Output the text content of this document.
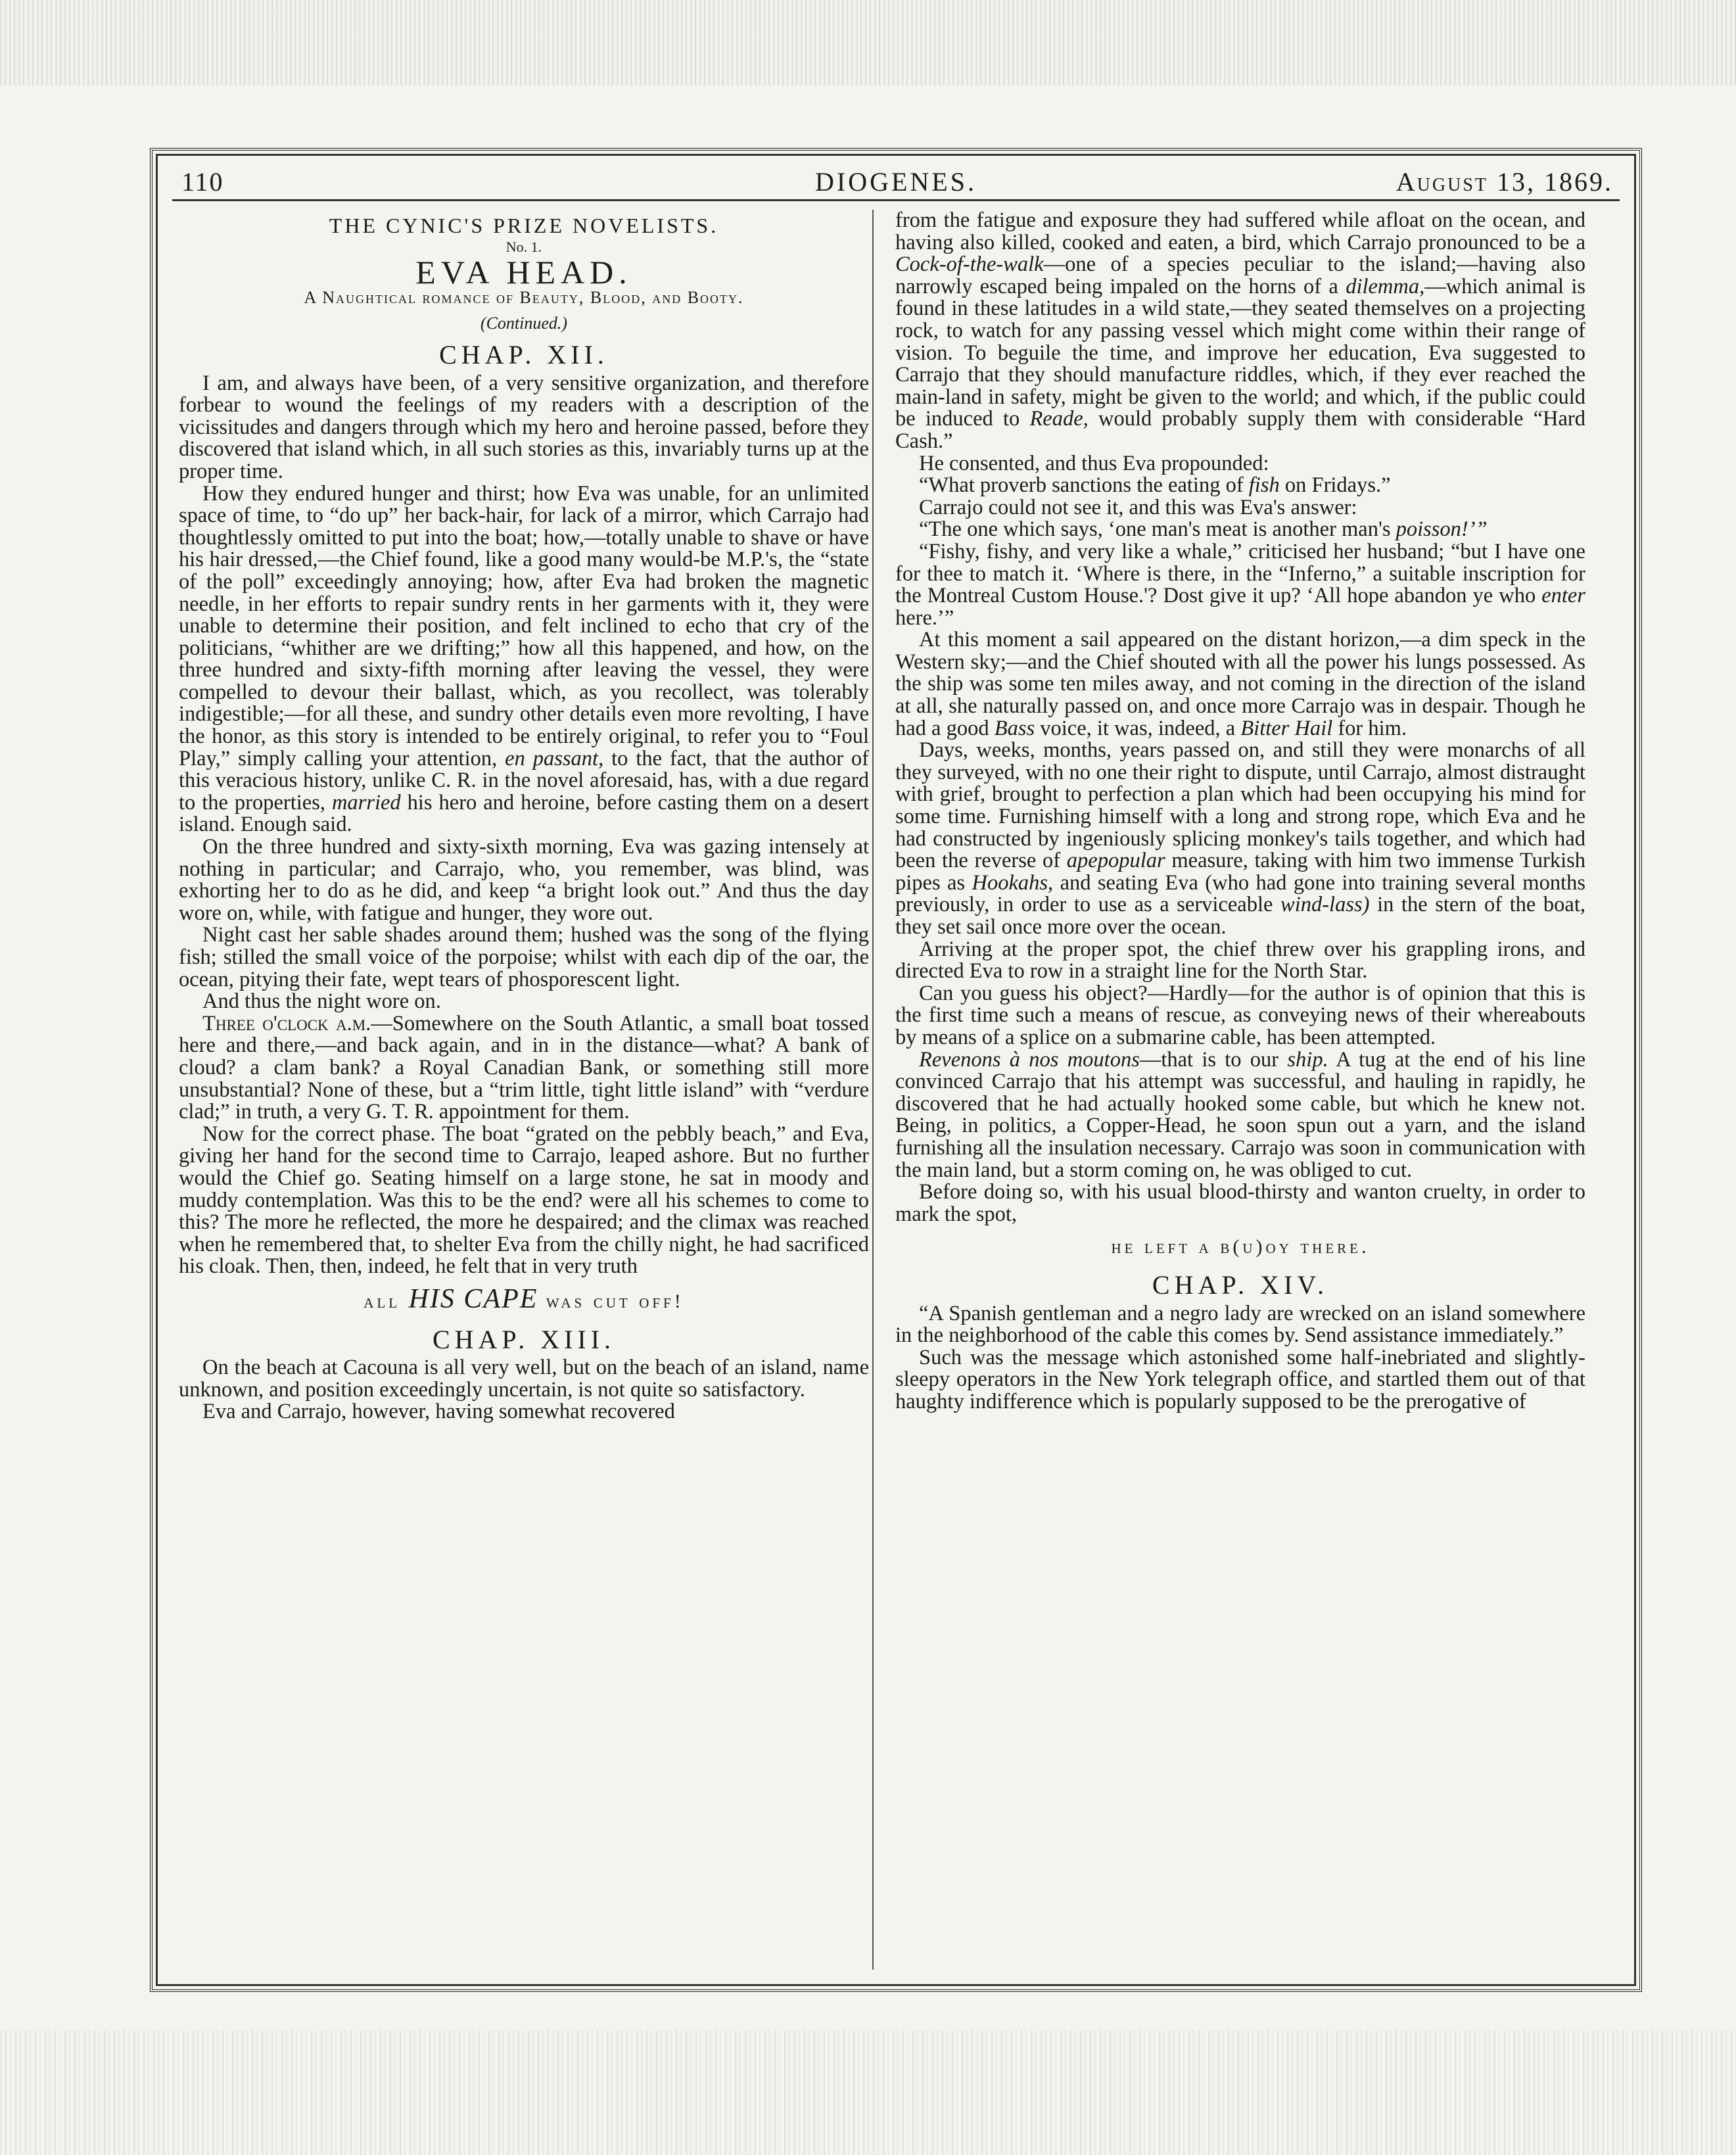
110	DIOGENES.	August 13, 1869.
THE CYNIC'S PRIZE NOVELISTS.
No. 1.
EVA HEAD.
A Naughtical romance of Beauty, Blood, and Booty.
(Continued.)
CHAP. XII.

I am, and always have been, of a very sensitive organization, and therefore forbear to wound the feelings of my readers with a description of the vicissitudes and dangers through which my hero and heroine passed, before they discovered that island which, in all such stories as this, invariably turns up at the proper time.

How they endured hunger and thirst; how Eva was unable, for an unlimited space of time, to “do up” her back-hair, for lack of a mirror, which Carrajo had thoughtlessly omitted to put into the boat; how,—totally unable to shave or have his hair dressed,—the Chief found, like a good many would-be M.P.'s, the “state of the poll” exceedingly annoying; how, after Eva had broken the magnetic needle, in her efforts to repair sundry rents in her garments with it, they were unable to determine their position, and felt inclined to echo that cry of the politicians, “whither are we drifting;” how all this happened, and how, on the three hundred and sixty-fifth morning after leaving the vessel, they were compelled to devour their ballast, which, as you recollect, was tolerably indigestible;—for all these, and sundry other details even more revolting, I have the honor, as this story is intended to be entirely original, to refer you to “Foul Play,” simply calling your attention, en passant, to the fact, that the author of this veracious history, unlike C. R. in the novel aforesaid, has, with a due regard to the properties, married his hero and heroine, before casting them on a desert island. Enough said.

On the three hundred and sixty-sixth morning, Eva was gazing intensely at nothing in particular; and Carrajo, who, you remember, was blind, was exhorting her to do as he did, and keep “a bright look out.” And thus the day wore on, while, with fatigue and hunger, they wore out.

Night cast her sable shades around them; hushed was the song of the flying fish; stilled the small voice of the porpoise; whilst with each dip of the oar, the ocean, pitying their fate, wept tears of phosporescent light.

And thus the night wore on.

Three o'clock a.m.—Somewhere on the South Atlantic, a small boat tossed here and there,—and back again, and in in the distance—what? A bank of cloud? a clam bank? a Royal Canadian Bank, or something still more unsubstantial? None of these, but a “trim little, tight little island” with “verdure clad;” in truth, a very G. T. R. appointment for them.

Now for the correct phase. The boat “grated on the pebbly beach,” and Eva, giving her hand for the second time to Carrajo, leaped ashore. But no further would the Chief go. Seating himself on a large stone, he sat in moody and muddy contemplation. Was this to be the end? were all his schemes to come to this? The more he reflected, the more he despaired; and the climax was reached when he remembered that, to shelter Eva from the chilly night, he had sacrificed his cloak. Then, then, indeed, he felt that in very truth

all HIS CAPE was cut off!
CHAP. XIII.

On the beach at Cacouna is all very well, but on the beach of an island, name unknown, and position exceedingly uncertain, is not quite so satisfactory.

Eva and Carrajo, however, having somewhat recovered

from the fatigue and exposure they had suffered while afloat on the ocean, and having also killed, cooked and eaten, a bird, which Carrajo pronounced to be a Cock-of-the-walk—one of a species peculiar to the island;—having also narrowly escaped being impaled on the horns of a dilemma,—which animal is found in these latitudes in a wild state,—they seated themselves on a projecting rock, to watch for any passing vessel which might come within their range of vision. To beguile the time, and improve her education, Eva suggested to Carrajo that they should manufacture riddles, which, if they ever reached the main-land in safety, might be given to the world; and which, if the public could be induced to Reade, would probably supply them with considerable “Hard Cash.”

He consented, and thus Eva propounded:

“What proverb sanctions the eating of fish on Fridays.”

Carrajo could not see it, and this was Eva's answer:

“The one which says, ‘one man's meat is another man's poisson!’”

“Fishy, fishy, and very like a whale,” criticised her husband; “but I have one for thee to match it. ‘Where is there, in the “Inferno,” a suitable inscription for the Montreal Custom House.'? Dost give it up? ‘All hope abandon ye who enter here.’”

At this moment a sail appeared on the distant horizon,—a dim speck in the Western sky;—and the Chief shouted with all the power his lungs possessed. As the ship was some ten miles away, and not coming in the direction of the island at all, she naturally passed on, and once more Carrajo was in despair. Though he had a good Bass voice, it was, indeed, a Bitter Hail for him.

Days, weeks, months, years passed on, and still they were monarchs of all they surveyed, with no one their right to dispute, until Carrajo, almost distraught with grief, brought to perfection a plan which had been occupying his mind for some time. Furnishing himself with a long and strong rope, which Eva and he had constructed by ingeniously splicing monkey's tails together, and which had been the reverse of apepopular measure, taking with him two immense Turkish pipes as Hookahs, and seating Eva (who had gone into training several months previously, in order to use as a serviceable wind-lass) in the stern of the boat, they set sail once more over the ocean.

Arriving at the proper spot, the chief threw over his grappling irons, and directed Eva to row in a straight line for the North Star.

Can you guess his object?—Hardly—for the author is of opinion that this is the first time such a means of rescue, as conveying news of their whereabouts by means of a splice on a submarine cable, has been attempted.

Revenons à nos moutons—that is to our ship. A tug at the end of his line convinced Carrajo that his attempt was successful, and hauling in rapidly, he discovered that he had actually hooked some cable, but which he knew not. Being, in politics, a Copper-Head, he soon spun out a yarn, and the island furnishing all the insulation necessary. Carrajo was soon in communication with the main land, but a storm coming on, he was obliged to cut.

Before doing so, with his usual blood-thirsty and wanton cruelty, in order to mark the spot,

he left a b(u)oy there.
CHAP. XIV.

“A Spanish gentleman and a negro lady are wrecked on an island somewhere in the neighborhood of the cable this comes by. Send assistance immediately.”

Such was the message which astonished some half-inebriated and slightly-sleepy operators in the New York telegraph office, and startled them out of that haughty indifference which is popularly supposed to be the prerogative of
